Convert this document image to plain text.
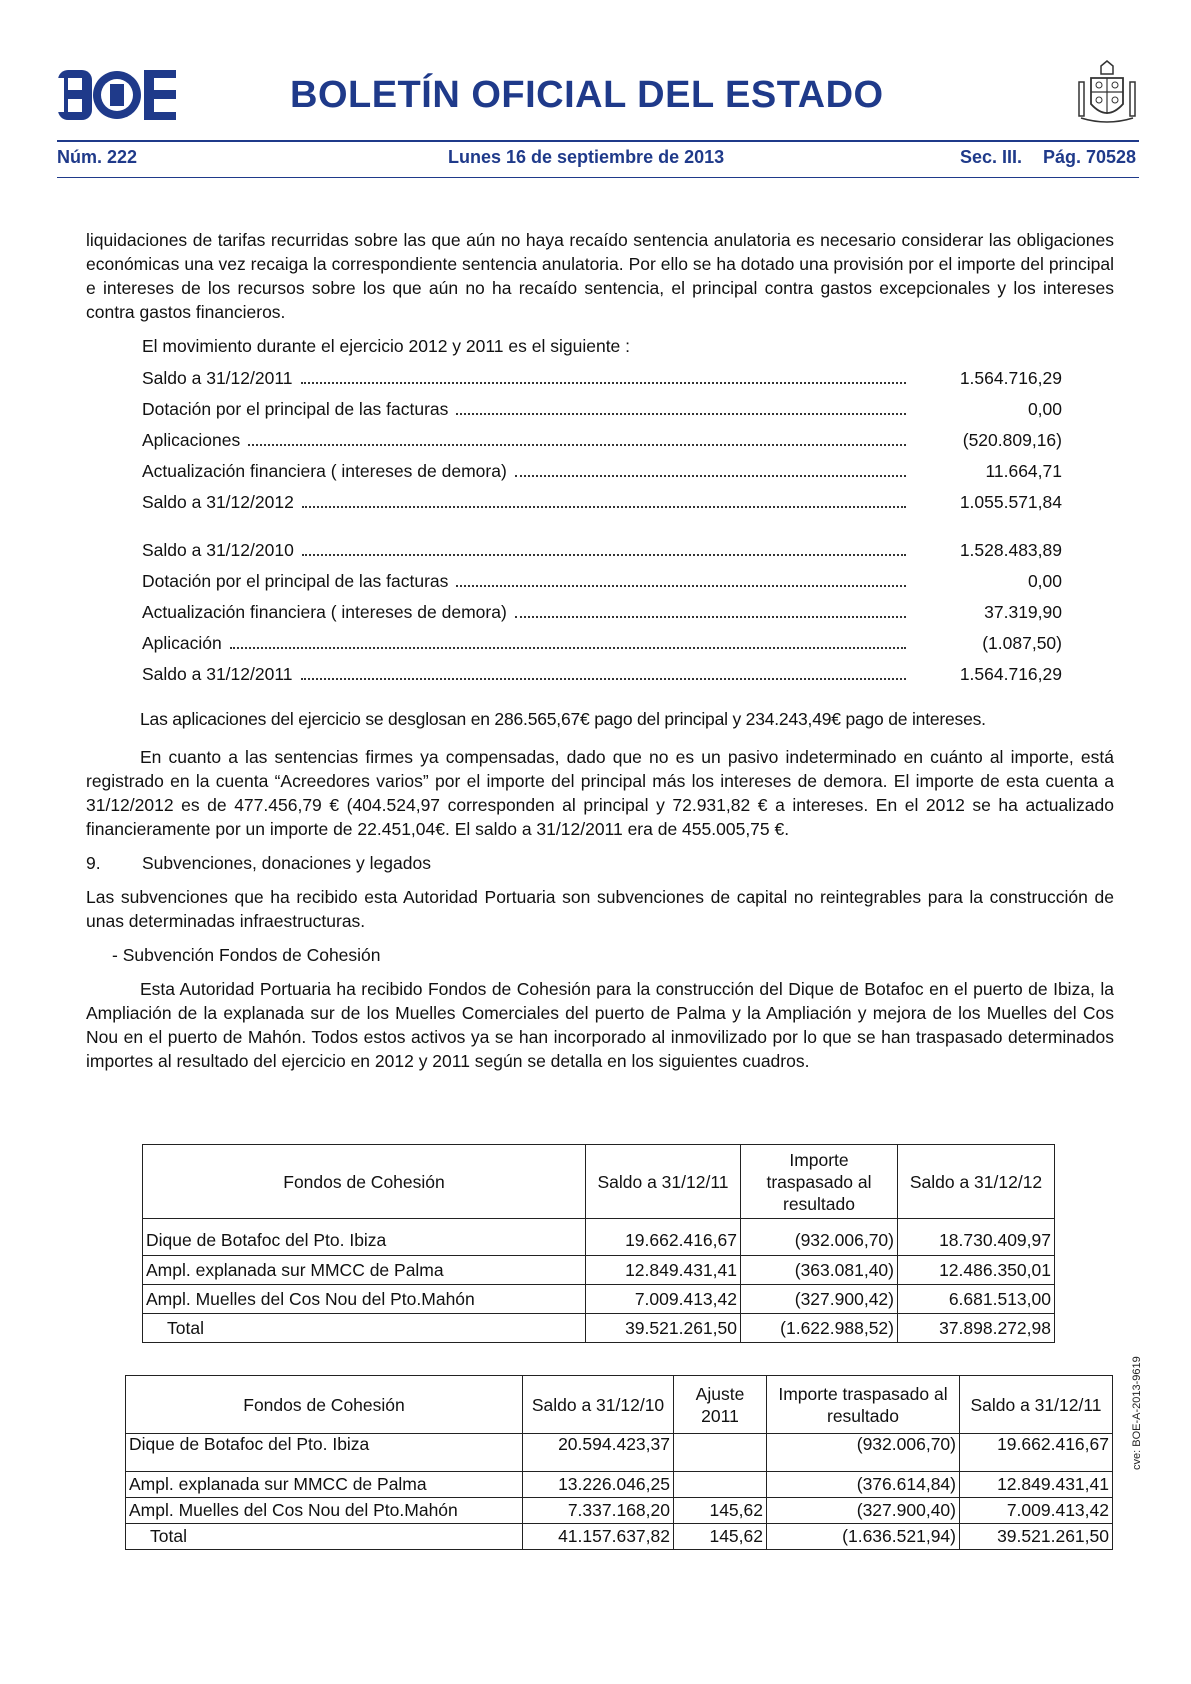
BOLETÍN OFICIAL DEL ESTADO
Núm. 222	Lunes 16 de septiembre de 2013	Sec. III. Pág. 70528

liquidaciones de tarifas recurridas sobre las que aún no haya recaído sentencia anulatoria es necesario considerar las obligaciones económicas una vez recaiga la correspondiente sentencia anulatoria. Por ello se ha dotado una provisión por el importe del principal e intereses de los recursos sobre los que aún no ha recaído sentencia, el principal contra gastos excepcionales y los intereses contra gastos financieros.

El movimiento durante el ejercicio 2012 y 2011 es el siguiente :

Saldo a 31/12/2011	1.564.716,29
Dotación por el principal de las facturas	0,00
Aplicaciones	(520.809,16)
Actualización financiera ( intereses de demora)	11.664,71
Saldo a 31/12/2012	1.055.571,84
Saldo a 31/12/2010	1.528.483,89
Dotación por el principal de las facturas	0,00
Actualización financiera ( intereses de demora)	37.319,90
Aplicación	(1.087,50)
Saldo a 31/12/2011	1.564.716,29

Las aplicaciones del ejercicio se desglosan en 286.565,67€ pago del principal y 234.243,49€ pago de intereses.

En cuanto a las sentencias firmes ya compensadas, dado que no es un pasivo indeterminado en cuánto al importe, está registrado en la cuenta “Acreedores varios” por el importe del principal más los intereses de demora. El importe de esta cuenta a 31/12/2012 es de 477.456,79 € (404.524,97 corresponden al principal y 72.931,82 € a intereses. En el 2012 se ha actualizado financieramente por un importe de 22.451,04€. El saldo a 31/12/2011 era de 455.005,75 €.

9.	Subvenciones, donaciones y legados

Las subvenciones que ha recibido esta Autoridad Portuaria son subvenciones de capital no reintegrables para la construcción de unas determinadas infraestructuras.

- Subvención Fondos de Cohesión

Esta Autoridad Portuaria ha recibido Fondos de Cohesión para la construcción del Dique de Botafoc en el puerto de Ibiza, la Ampliación de la explanada sur de los Muelles Comerciales del puerto de Palma y la Ampliación y mejora de los Muelles del Cos Nou en el puerto de Mahón. Todos estos activos ya se han incorporado al inmovilizado por lo que se han traspasado determinados importes al resultado del ejercicio en 2012 y 2011 según se detalla en los siguientes cuadros.

Fondos de Cohesión	Saldo a 31/12/11	Importe traspasado al resultado	Saldo a 31/12/12

Dique de Botafoc del Pto. Ibiza	19.662.416,67	(932.006,70)	18.730.409,97
Ampl. explanada sur MMCC de Palma	12.849.431,41	(363.081,40)	12.486.350,01
Ampl. Muelles del Cos Nou del Pto.Mahón	7.009.413,42	(327.900,42)	6.681.513,00
Total	39.521.261,50	(1.622.988,52)	37.898.272,98
Fondos de Cohesión	Saldo a 31/12/10	Ajuste 2011	Importe traspasado al resultado	Saldo a 31/12/11
Dique de Botafoc del Pto. Ibiza	20.594.423,37		(932.006,70)	19.662.416,67
Ampl. explanada sur MMCC de Palma	13.226.046,25		(376.614,84)	12.849.431,41
Ampl. Muelles del Cos Nou del Pto.Mahón	7.337.168,20	145,62	(327.900,40)	7.009.413,42
Total	41.157.637,82	145,62	(1.636.521,94)	39.521.261,50
cve: BOE-A-2013-9619
